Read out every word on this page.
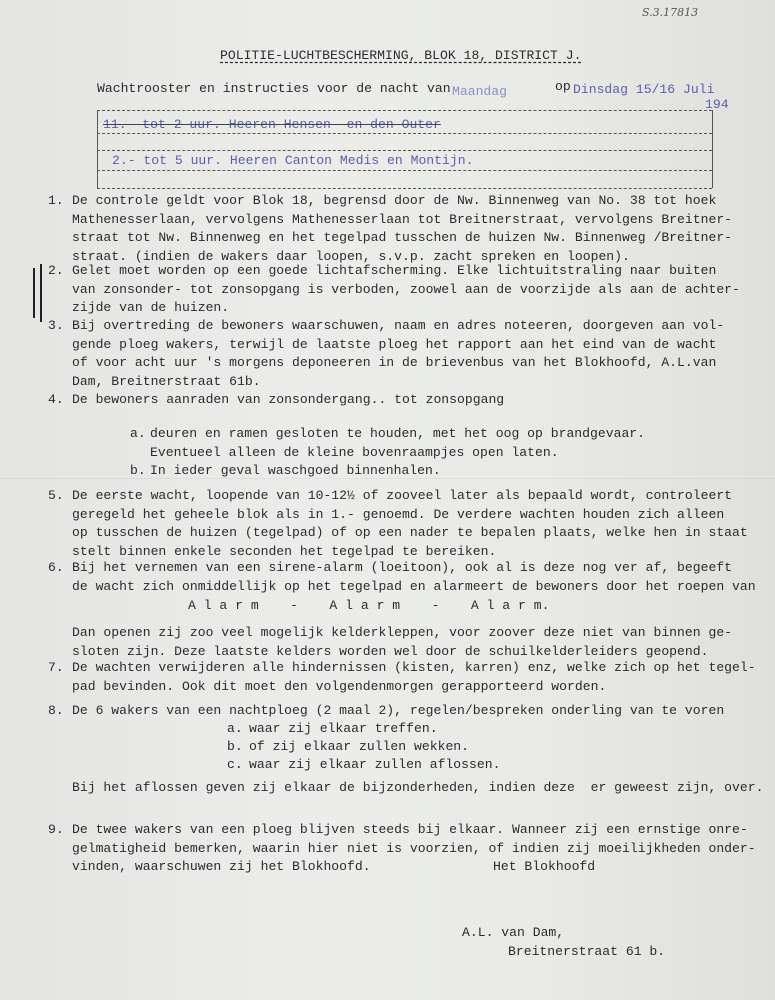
S.3.17813
POLITIE-LUCHTBESCHERMING, BLOK 18, DISTRICT J.
Wachtrooster en instructies voor de nacht van Maandag	op Dinsdag 15/16 Juli
194
11.- tot 2 uur. Heeren Hensen  en den Outer
2.- tot 5 uur. Heeren Canton Medis en Montijn.
1. De controle geldt voor Blok 18, begrensd door de Nw. Binnenweg van No. 38 tot hoek
Mathenesserlaan, vervolgens Mathenesserlaan tot Breitnerstraat, vervolgens Breitner-
straat tot Nw. Binnenweg en het tegelpad tusschen de huizen Nw. Binnenweg /Breitner-
straat. (indien de wakers daar loopen, s.v.p. zacht spreken en loopen).
2. Gelet moet worden op een goede lichtafscherming. Elke lichtuitstraling naar buiten
van zonsonder- tot zonsopgang is verboden, zoowel aan de voorzijde als aan de achter-
zijde van de huizen.
3. Bij overtreding de bewoners waarschuwen, naam en adres noteeren, doorgeven aan vol-
gende ploeg wakers, terwijl de laatste ploeg het rapport aan het eind van de wacht
of voor acht uur 's morgens deponeeren in de brievenbus van het Blokhoofd, A.L.van
Dam, Breitnerstraat 61b.
4. De bewoners aanraden van zonsondergang.. tot zonsopgang
a. deuren en ramen gesloten te houden, met het oog op brandgevaar.
Eventueel alleen de kleine bovenraampjes open laten.
b. In ieder geval waschgoed binnenhalen.
5. De eerste wacht, loopende van 10-12½ of zooveel later als bepaald wordt, controleert
geregeld het geheele blok als in 1.- genoemd. De verdere wachten houden zich alleen
op tusschen de huizen (tegelpad) of op een nader te bepalen plaats, welke hen in staat
stelt binnen enkele seconden het tegelpad te bereiken.
6. Bij het vernemen van een sirene-alarm (loeitoon), ook al is deze nog ver af, begeeft
de wacht zich onmiddellijk op het tegelpad en alarmeert de bewoners door het roepen van
A l a r m    -    A l a r m    -    A l a r m.
Dan openen zij zoo veel mogelijk kelderkleppen, voor zoover deze niet van binnen ge-
sloten zijn. Deze laatste kelders worden wel door de schuilkelderleiders geopend.
7. De wachten verwijderen alle hindernissen (kisten, karren) enz, welke zich op het tegel-
pad bevinden. Ook dit moet den volgendenmorgen gerapporteerd worden.
8. De 6 wakers van een nachtploeg (2 maal 2), regelen/bespreken onderling van te voren
a. waar zij elkaar treffen.
b. of zij elkaar zullen wekken.
c. waar zij elkaar zullen aflossen.
Bij het aflossen geven zij elkaar de bijzonderheden, indien deze  er geweest zijn, over.
9. De twee wakers van een ploeg blijven steeds bij elkaar. Wanneer zij een ernstige onre-
gelmatigheid bemerken, waarin hier niet is voorzien, of indien zij moeilijkheden onder-
vinden, waarschuwen zij het Blokhoofd.	Het Blokhoofd
A.L. van Dam,
Breitnerstraat 61 b.
